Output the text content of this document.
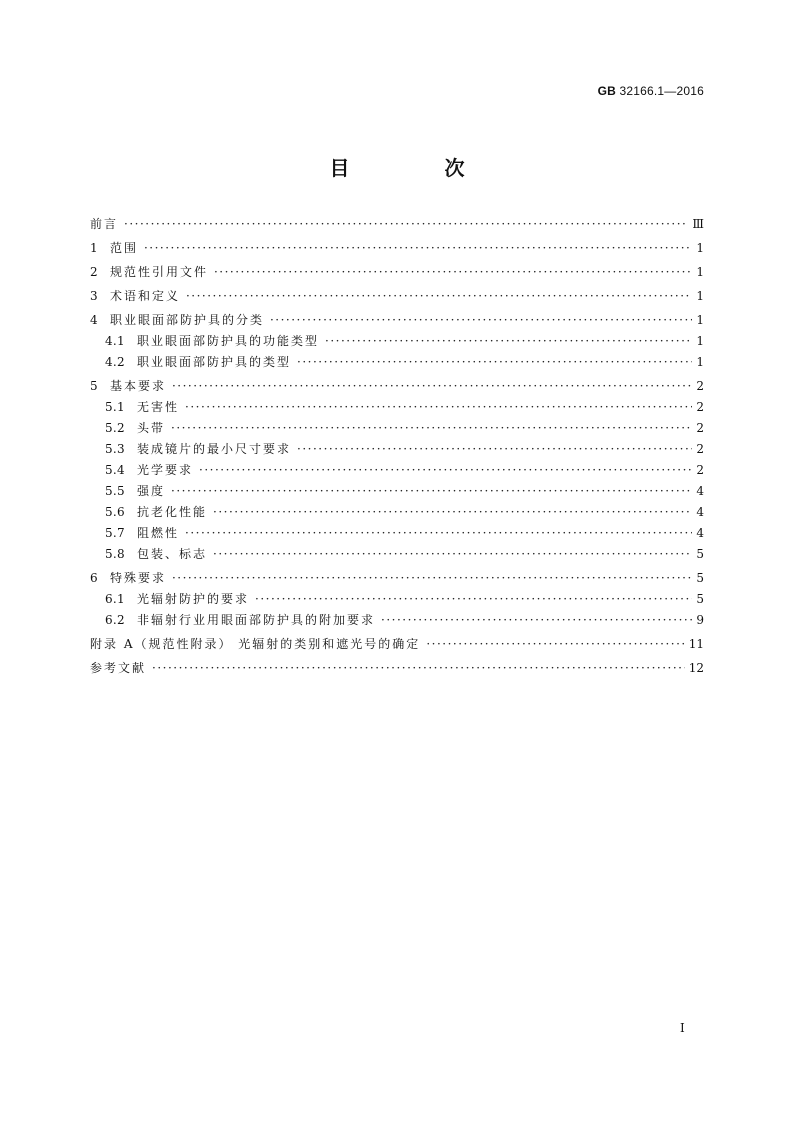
GB 32166.1—2016
目 次
前言 ·····	Ⅲ
1 范围 ·····	1
2 规范性引用文件 ·····	1
3 术语和定义 ·····	1
4 职业眼面部防护具的分类 ·····	1
4.1 职业眼面部防护具的功能类型 ·····	1
4.2 职业眼面部防护具的类型 ·····	1
5 基本要求 ·····	2
5.1 无害性 ·····	2
5.2 头带 ·····	2
5.3 装成镜片的最小尺寸要求 ·····	2
5.4 光学要求 ·····	2
5.5 强度 ·····	4
5.6 抗老化性能 ·····	4
5.7 阻燃性 ·····	4
5.8 包装、标志 ·····	5
6 特殊要求 ·····	5
6.1 光辐射防护的要求 ·····	5
6.2 非辐射行业用眼面部防护具的附加要求 ·····	9
附录 A（规范性附录） 光辐射的类别和遮光号的确定 ·····	11
参考文献 ·····	12
Ⅰ
